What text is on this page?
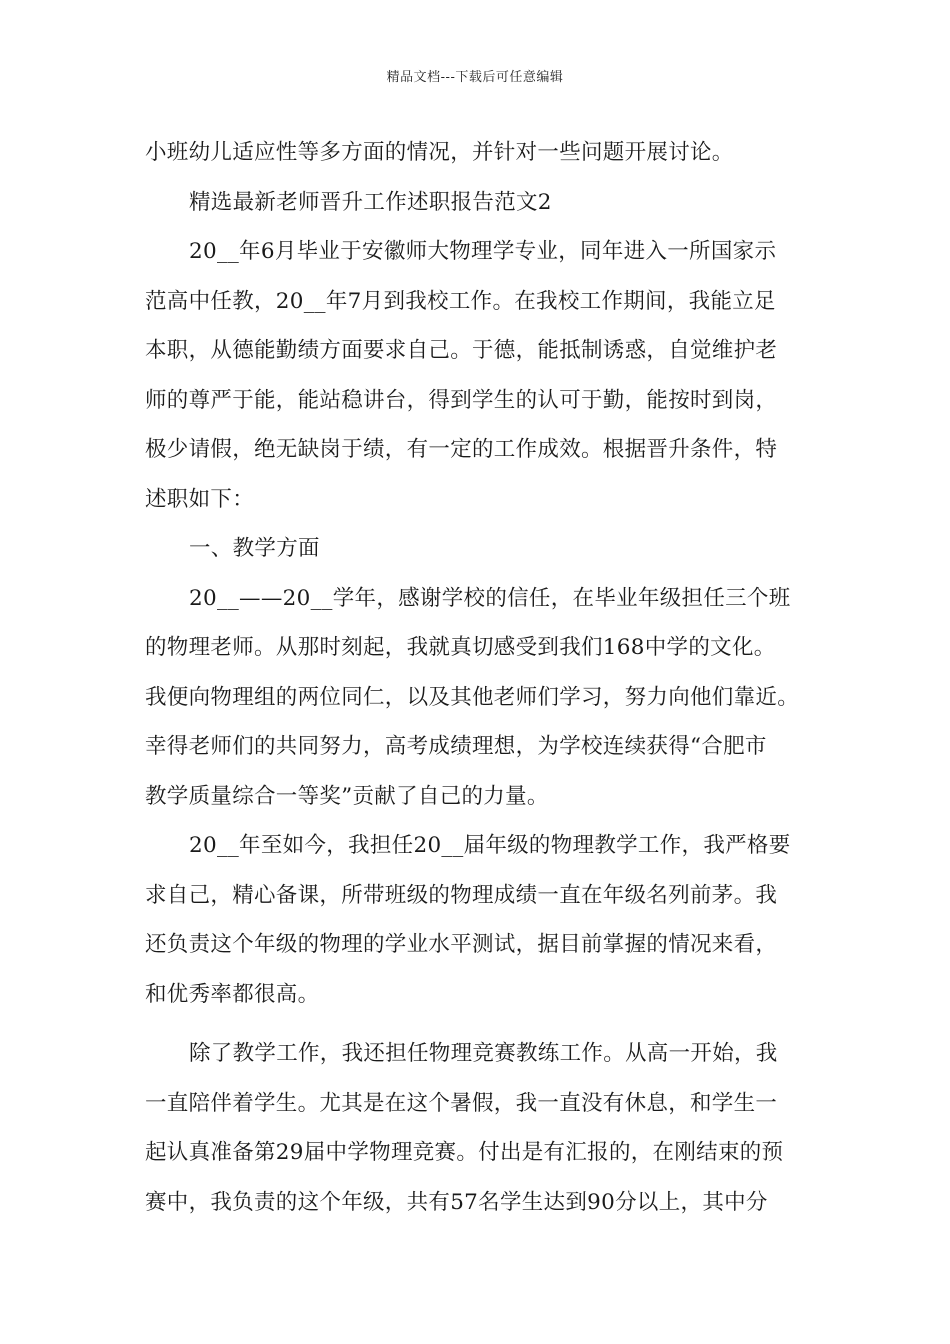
精品文档---下载后可任意编辑
小班幼儿适应性等多方面的情况，并针对一些问题开展讨论。
精选最新老师晋升工作述职报告范文2
20__年6月毕业于安徽师大物理学专业，同年进入一所国家示
范高中任教，20__年7月到我校工作。在我校工作期间，我能立足
本职，从德能勤绩方面要求自己。于德，能抵制诱惑，自觉维护老
师的尊严于能，能站稳讲台，得到学生的认可于勤，能按时到岗，
极少请假，绝无缺岗于绩，有一定的工作成效。根据晋升条件，特
述职如下：
一、教学方面
20__——20__学年，感谢学校的信任，在毕业年级担任三个班
的物理老师。从那时刻起，我就真切感受到我们168中学的文化。
我便向物理组的两位同仁，以及其他老师们学习，努力向他们靠近。
幸得老师们的共同努力，高考成绩理想，为学校连续获得“合肥市
教学质量综合一等奖”贡献了自己的力量。
20__年至如今，我担任20__届年级的物理教学工作，我严格要
求自己，精心备课，所带班级的物理成绩一直在年级名列前茅。我
还负责这个年级的物理的学业水平测试，据目前掌握的情况来看，
和优秀率都很高。
除了教学工作，我还担任物理竞赛教练工作。从高一开始，我
一直陪伴着学生。尤其是在这个暑假，我一直没有休息，和学生一
起认真准备第29届中学物理竞赛。付出是有汇报的，在刚结束的预
赛中，我负责的这个年级，共有57名学生达到90分以上，其中分
